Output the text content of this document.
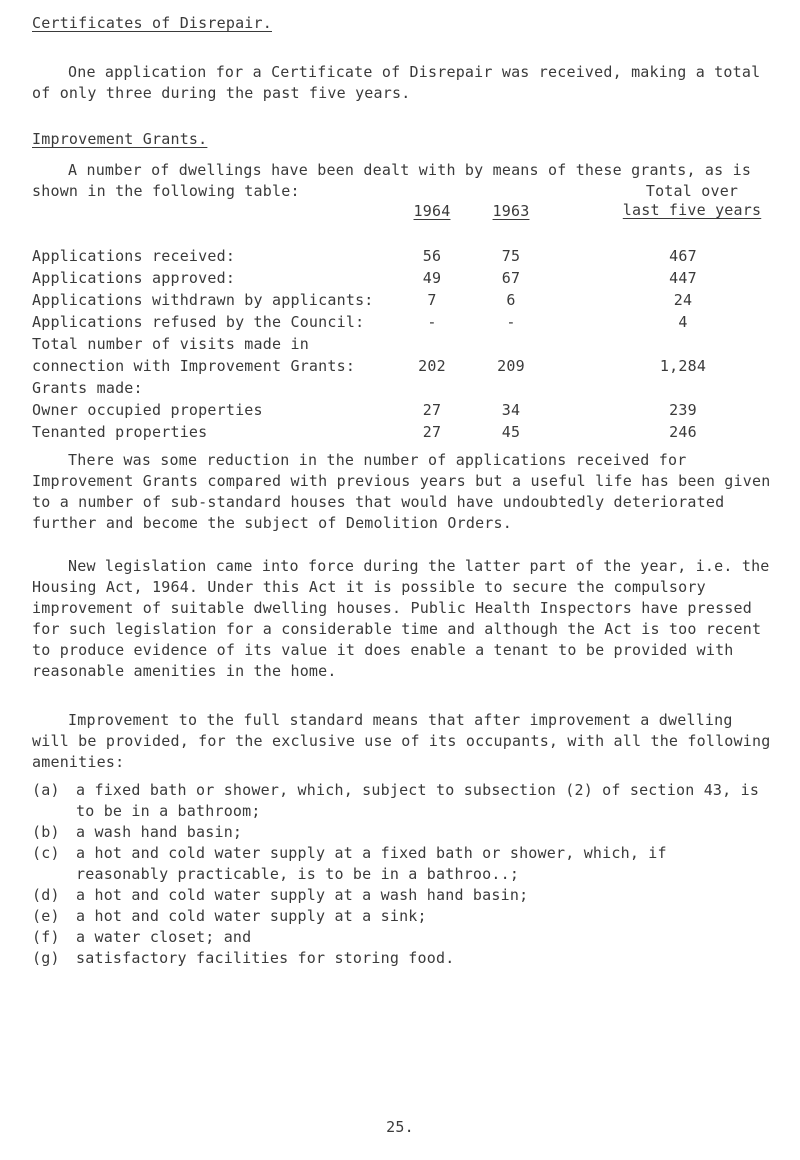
Certificates of Disrepair.
One application for a Certificate of Disrepair was received, making a total of only three during the past five years.
Improvement Grants.
A number of dwellings have been dealt with by means of these grants, as is shown in the following table:
1964	1963
Total over
last five years
Applications received:	56	75	467
Applications approved:	49	67	447
Applications withdrawn by applicants:	7	6	24
Applications refused by the Council:	-	-	4
Total number of visits made in
connection with Improvement Grants:	202	209	1,284
Grants made:
Owner occupied properties	27	34	239
Tenanted properties	27	45	246
There was some reduction in the number of applications received for Improvement Grants compared with previous years but a useful life has been given to a number of sub-standard houses that would have undoubtedly deteriorated further and become the subject of Demolition Orders.
New legislation came into force during the latter part of the year, i.e. the Housing Act, 1964. Under this Act it is possible to secure the compulsory improvement of suitable dwelling houses. Public Health Inspectors have pressed for such legislation for a considerable time and although the Act is too recent to produce evidence of its value it does enable a tenant to be provided with reasonable amenities in the home.
Improvement to the full standard means that after improvement a dwelling will be provided, for the exclusive use of its occupants, with all the following amenities:
(a)	a fixed bath or shower, which, subject to subsection (2) of section 43, is to be in a bathroom;
(b)	a wash hand basin;
(c)	a hot and cold water supply at a fixed bath or shower, which, if reasonably practicable, is to be in a bathroo..;
(d)	a hot and cold water supply at a wash hand basin;
(e)	a hot and cold water supply at a sink;
(f)	a water closet; and
(g)	satisfactory facilities for storing food.
25.
